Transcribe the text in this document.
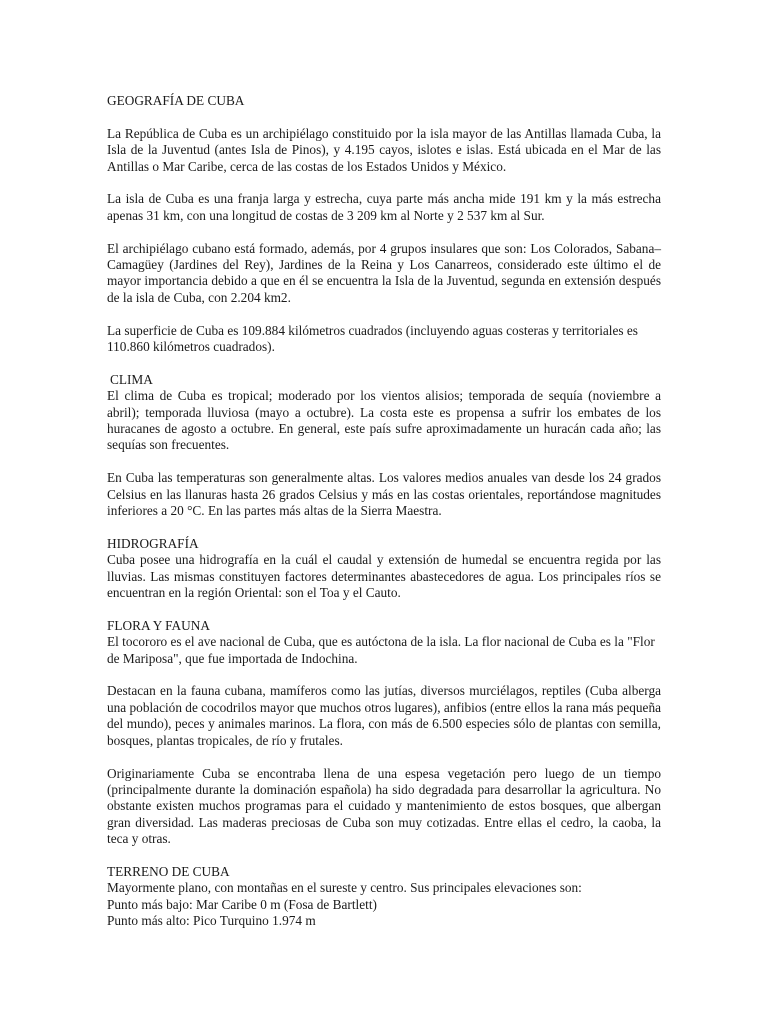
GEOGRAFÍA DE CUBA

La República de Cuba es un archipiélago constituido por la isla mayor de las Antillas llamada Cuba, la Isla de la Juventud (antes Isla de Pinos), y 4.195 cayos, islotes e islas. Está ubicada en el Mar de las Antillas o Mar Caribe, cerca de las costas de los Estados Unidos y México.

La isla de Cuba es una franja larga y estrecha, cuya parte más ancha mide 191 km y la más estrecha apenas 31 km, con una longitud de costas de 3 209 km al Norte y 2 537 km al Sur.

El archipiélago cubano está formado, además, por 4 grupos insulares que son: Los Colorados, Sabana–Camagüey (Jardines del Rey), Jardines de la Reina y Los Canarreos, considerado este último el de mayor importancia debido a que en él se encuentra la Isla de la Juventud, segunda en extensión después de la isla de Cuba, con 2.204 km2.

La superficie de Cuba es 109.884 kilómetros cuadrados (incluyendo aguas costeras y territoriales es 110.860 kilómetros cuadrados).

CLIMA

El clima de Cuba es tropical; moderado por los vientos alisios; temporada de sequía (noviembre a abril); temporada lluviosa (mayo a octubre). La costa este es propensa a sufrir los embates de los huracanes de agosto a octubre. En general, este país sufre aproximadamente un huracán cada año; las sequías son frecuentes.

En Cuba las temperaturas son generalmente altas. Los valores medios anuales van desde los 24 grados Celsius en las llanuras hasta 26 grados Celsius y más en las costas orientales, reportándose magnitudes inferiores a 20 °C. En las partes más altas de la Sierra Maestra.

HIDROGRAFÍA

Cuba posee una hidrografía en la cuál el caudal y extensión de humedal se encuentra regida por las lluvias. Las mismas constituyen factores determinantes abastecedores de agua. Los principales ríos se encuentran en la región Oriental: son el Toa y el Cauto.

FLORA Y FAUNA

El tocororo es el ave nacional de Cuba, que es autóctona de la isla. La flor nacional de Cuba es la "Flor de Mariposa", que fue importada de Indochina.

Destacan en la fauna cubana, mamíferos como las jutías, diversos murciélagos, reptiles (Cuba alberga una población de cocodrilos mayor que muchos otros lugares), anfibios (entre ellos la rana más pequeña del mundo), peces y animales marinos. La flora, con más de 6.500 especies sólo de plantas con semilla, bosques, plantas tropicales, de río y frutales.

Originariamente Cuba se encontraba llena de una espesa vegetación pero luego de un tiempo (principalmente durante la dominación española) ha sido degradada para desarrollar la agricultura. No obstante existen muchos programas para el cuidado y mantenimiento de estos bosques, que albergan gran diversidad. Las maderas preciosas de Cuba son muy cotizadas. Entre ellas el cedro, la caoba, la teca y otras.

TERRENO DE CUBA
Mayormente plano, con montañas en el sureste y centro. Sus principales elevaciones son:
Punto más bajo: Mar Caribe 0 m (Fosa de Bartlett)
Punto más alto: Pico Turquino 1.974 m
